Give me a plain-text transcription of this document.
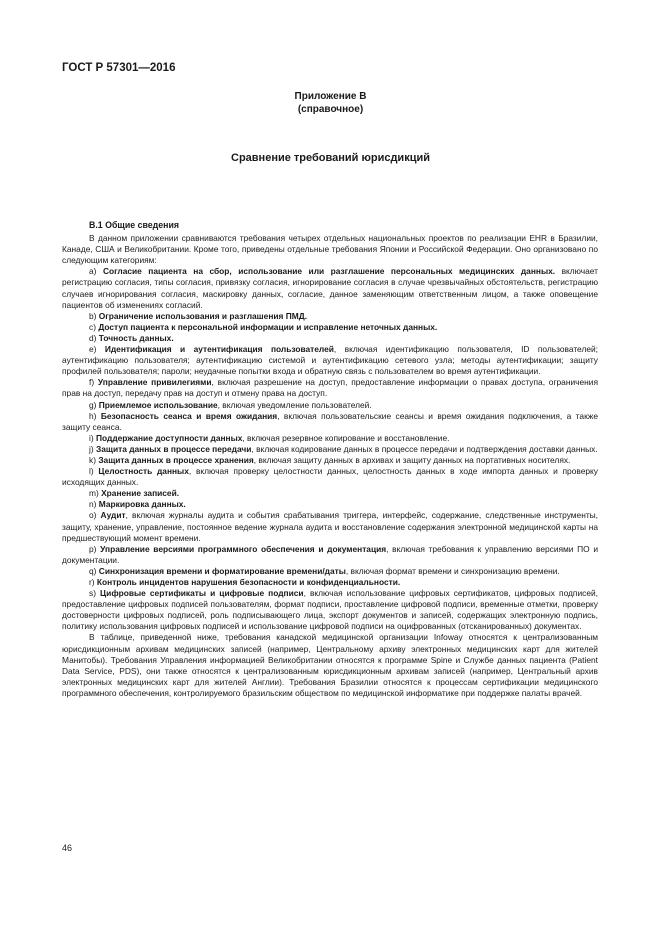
ГОСТ Р 57301—2016
Приложение В
(справочное)
Сравнение требований юрисдикций
В.1 Общие сведения

В данном приложении сравниваются требования четырех отдельных национальных проектов по реализации EHR в Бразилии, Канаде, США и Великобритании. Кроме того, приведены отдельные требования Японии и Российской Федерации. Оно организовано по следующим категориям:

а) Согласие пациента на сбор, использование или разглашение персональных медицинских данных. включает регистрацию согласия, типы согласия, привязку согласия, игнорирование согласия в случае чрезвычайных обстоятельств, регистрацию случаев игнорирования согласия, маскировку данных, согласие, данное заменяющим ответственным лицом, а также оповещение пациентов об изменениях согласий.

b) Ограничение использования и разглашения ПМД.

c) Доступ пациента к персональной информации и исправление неточных данных.

d) Точность данных.

e) Идентификация и аутентификация пользователей, включая идентификацию пользователя, ID пользователей; аутентификацию пользователя; аутентификацию системой и аутентификацию сетевого узла; методы аутентификации; защиту профилей пользователя; пароли; неудачные попытки входа и обратную связь с пользователем во время аутентификации.

f) Управление привилегиями, включая разрешение на доступ, предоставление информации о правах доступа, ограничения прав на доступ, передачу прав на доступ и отмену права на доступ.

g) Приемлемое использование, включая уведомление пользователей.

h) Безопасность сеанса и время ожидания, включая пользовательские сеансы и время ожидания подключения, а также защиту сеанса.

i) Поддержание доступности данных, включая резервное копирование и восстановление.

j) Защита данных в процессе передачи, включая кодирование данных в процессе передачи и подтверждения доставки данных.

k) Защита данных в процессе хранения, включая защиту данных в архивах и защиту данных на портативных носителях.

l) Целостность данных, включая проверку целостности данных, целостность данных в ходе импорта данных и проверку исходящих данных.

m) Хранение записей.

n) Маркировка данных.

o) Аудит, включая журналы аудита и события срабатывания триггера, интерфейс, содержание, следственные инструменты, защиту, хранение, управление, постоянное ведение журнала аудита и восстановление содержания электронной медицинской карты на предшествующий момент времени.

p) Управление версиями программного обеспечения и документация, включая требования к управлению версиями ПО и документации.

q) Синхронизация времени и форматирование времени/даты, включая формат времени и синхронизацию времени.

r) Контроль инцидентов нарушения безопасности и конфиденциальности.

s) Цифровые сертификаты и цифровые подписи, включая использование цифровых сертификатов, цифровых подписей, предоставление цифровых подписей пользователям, формат подписи, проставление цифровой подписи, временные отметки, проверку достоверности цифровых подписей, роль подписывающего лица, экспорт документов и записей, содержащих электронную подпись, политику использования цифровых подписей и использование цифровой подписи на оцифрованных (отсканированных) документах.

В таблице, приведенной ниже, требования канадской медицинской организации Infoway относятся к централизованным юрисдикционным архивам медицинских записей (например, Центральному архиву электронных медицинских карт для жителей Манитобы). Требования Управления информацией Великобритании относятся к программе Spine и Службе данных пациента (Patient Data Service, PDS), они также относятся к централизованным юрисдикционным архивам записей (например, Центральный архив электронных медицинских карт для жителей Англии). Требования Бразилии относятся к процессам сертификации медицинского программного обеспечения, контролируемого бразильским обществом по медицинской информатике при поддержке палаты врачей.

46
